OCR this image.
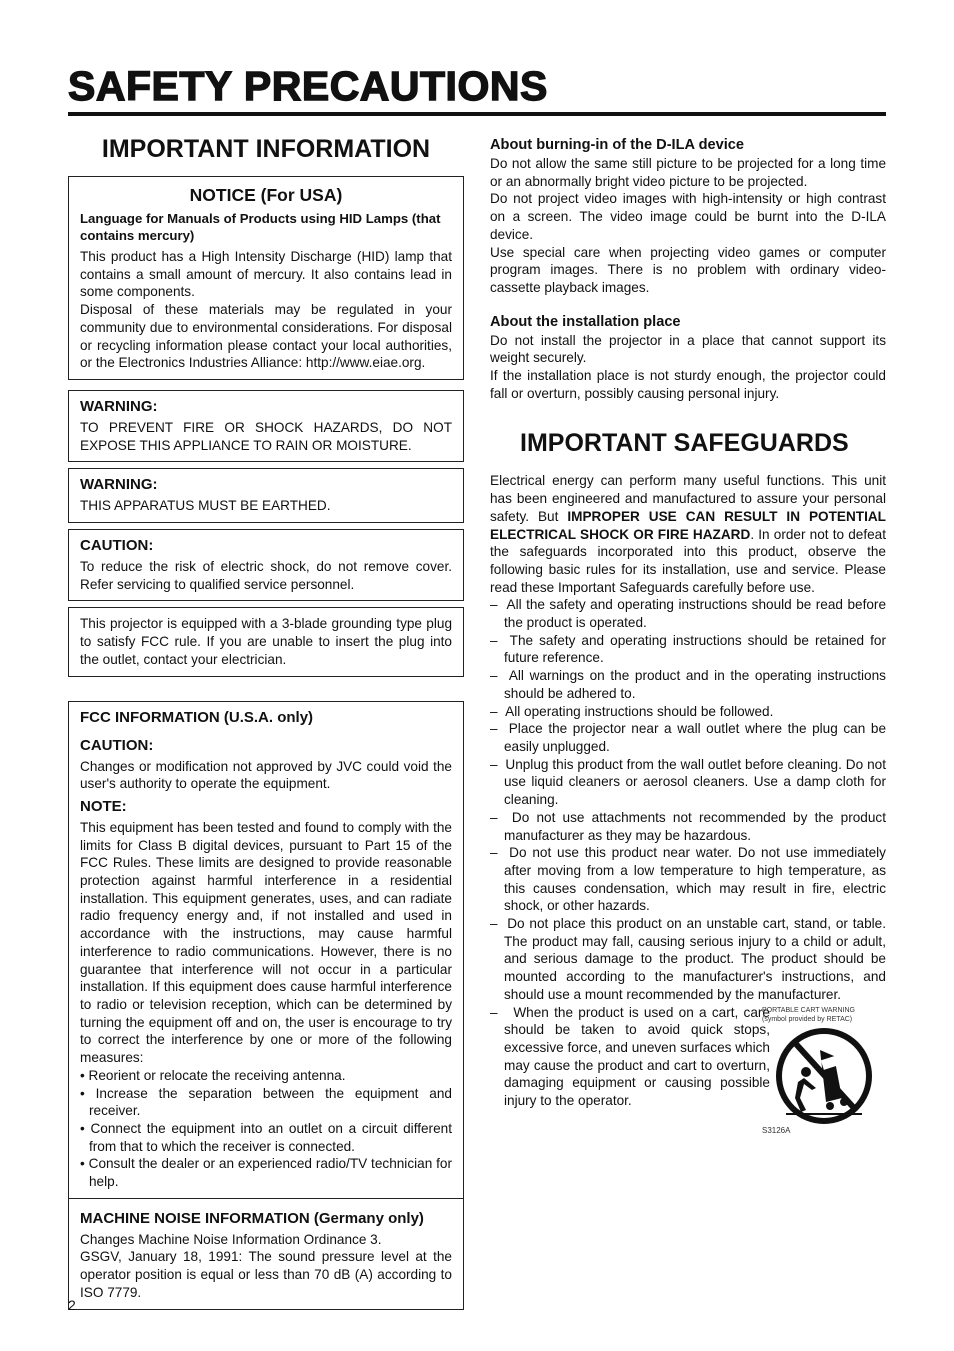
SAFETY PRECAUTIONS
IMPORTANT INFORMATION
NOTICE (For USA)
Language for Manuals of Products using HID Lamps (that contains mercury)

This product has a High Intensity Discharge (HID) lamp that contains a small amount of mercury. It also contains lead in some components.

Disposal of these materials may be regulated in your community due to environmental considerations. For disposal or recycling information please contact your local authorities, or the Electronics Industries Alliance: http://www.eiae.org.

WARNING:

TO PREVENT FIRE OR SHOCK HAZARDS, DO NOT EXPOSE THIS APPLIANCE TO RAIN OR MOISTURE.

WARNING:

THIS APPARATUS MUST BE EARTHED.

CAUTION:

To reduce the risk of electric shock, do not remove cover. Refer servicing to qualified service personnel.

This projector is equipped with a 3-blade grounding type plug to satisfy FCC rule. If you are unable to insert the plug into the outlet, contact your electrician.

FCC INFORMATION (U.S.A. only)
CAUTION:

Changes or modification not approved by JVC could void the user's authority to operate the equipment.

NOTE:

This equipment has been tested and found to comply with the limits for Class B digital devices, pursuant to Part 15 of the FCC Rules. These limits are designed to provide reasonable protection against harmful interference in a residential installation. This equipment generates, uses, and can radiate radio frequency energy and, if not installed and used in accordance with the instructions, may cause harmful interference to radio communications. However, there is no guarantee that interference will not occur in a particular installation. If this equipment does cause harmful interference to radio or television reception, which can be determined by turning the equipment off and on, the user is encourage to try to correct the interference by one or more of the following measures:

• Reorient or relocate the receiving antenna.
• Increase the separation between the equipment and receiver.
• Connect the equipment into an outlet on a circuit different from that to which the receiver is connected.
• Consult the dealer or an experienced radio/TV technician for help.
MACHINE NOISE INFORMATION (Germany only)

Changes Machine Noise Information Ordinance 3.

GSGV, January 18, 1991: The sound pressure level at the operator position is equal or less than 70 dB (A) according to ISO 7779.

About burning-in of the D-ILA device

Do not allow the same still picture to be projected for a long time or an abnormally bright video picture to be projected.

Do not project video images with high-intensity or high contrast on a screen. The video image could be burnt into the D-ILA device.

Use special care when projecting video games or computer program images. There is no problem with ordinary video-cassette playback images.

About the installation place

Do not install the projector in a place that cannot support its weight securely.

If the installation place is not sturdy enough, the projector could fall or overturn, possibly causing personal injury.

IMPORTANT SAFEGUARDS

Electrical energy can perform many useful functions. This unit has been engineered and manufactured to assure your personal safety. But IMPROPER USE CAN RESULT IN POTENTIAL ELECTRICAL SHOCK OR FIRE HAZARD. In order not to defeat the safeguards incorporated into this product, observe the following basic rules for its installation, use and service. Please read these Important Safeguards carefully before use.

–  All the safety and operating instructions should be read before the product is operated.
–  The safety and operating instructions should be retained for future reference.
–  All warnings on the product and in the operating instructions should be adhered to.
–  All operating instructions should be followed.
–  Place the projector near a wall outlet where the plug can be easily unplugged.
–  Unplug this product from the wall outlet before cleaning. Do not use liquid cleaners or aerosol cleaners. Use a damp cloth for cleaning.
–  Do not use attachments not recommended by the product manufacturer as they may be hazardous.
–  Do not use this product near water. Do not use immediately after moving from a low temperature to high temperature, as this causes condensation, which may result in fire, electric shock, or other hazards.
–  Do not place this product on an unstable cart, stand, or table. The product may fall, causing serious injury to a child or adult, and serious damage to the product. The product should be mounted according to the manufacturer's instructions, and should use a mount recommended by the manufacturer.

–  PORTABLE CART WARNING
(symbol provided by RETAC)
S3126A
When the product is used on a cart, care should be taken to avoid quick stops, excessive force, and uneven surfaces which may cause the product and cart to overturn, damaging equipment or causing possible injury to the operator.
2
